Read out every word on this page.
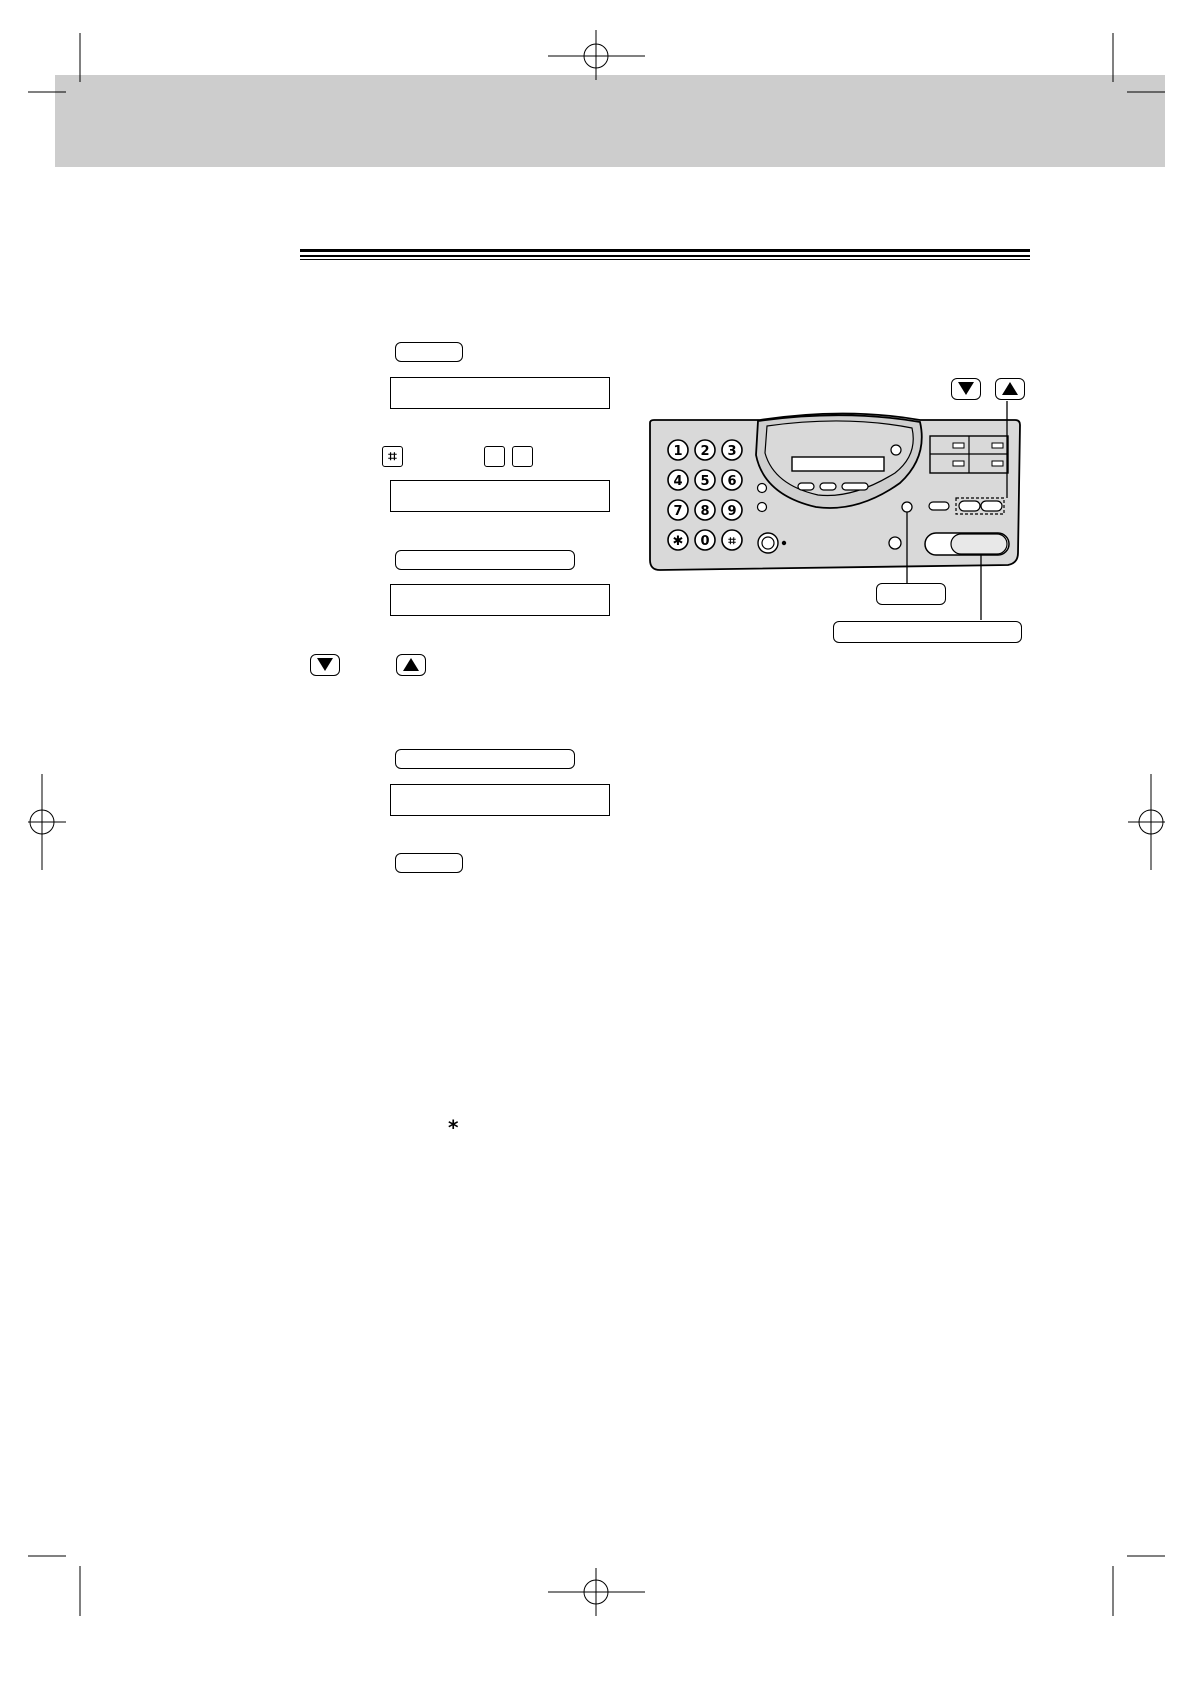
⌗
⁎
1 2 3
4 5 6
7 8 9
✱ 0 ⌗
